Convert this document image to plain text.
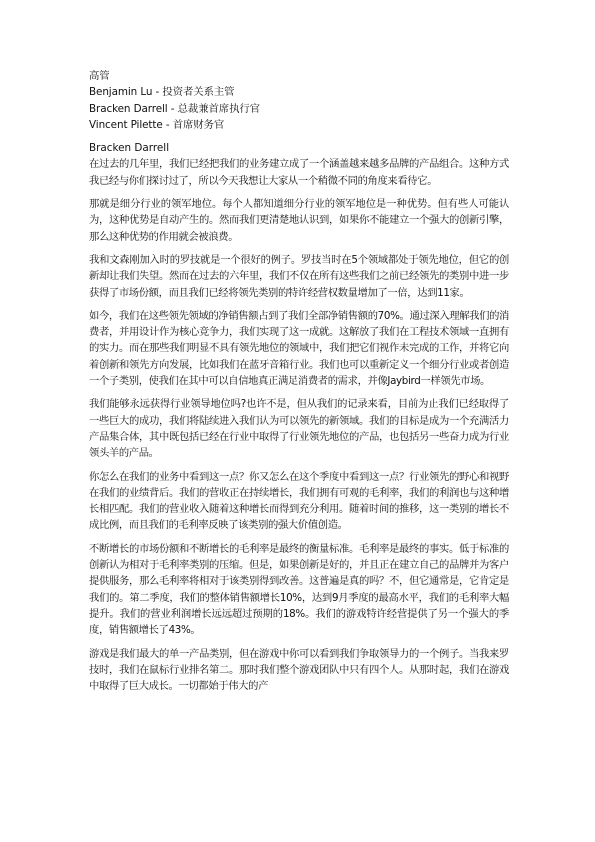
高管
Benjamin Lu - 投资者关系主管
Bracken Darrell - 总裁兼首席执行官
Vincent Pilette - 首席财务官
Bracken Darrell

在过去的几年里，我们已经把我们的业务建立成了一个涵盖越来越多品牌的产品组合。这种方式我已经与你们探讨过了，所以今天我想让大家从一个稍微不同的角度来看待它。

那就是细分行业的领军地位。每个人都知道细分行业的领军地位是一种优势。但有些人可能认为，这种优势是自动产生的。然而我们更清楚地认识到，如果你不能建立一个强大的创新引擎，那么这种优势的作用就会被浪费。

我和文森刚加入时的罗技就是一个很好的例子。罗技当时在5个领域都处于领先地位，但它的创新却让我们失望。然而在过去的六年里，我们不仅在所有这些我们之前已经领先的类别中进一步获得了市场份额，而且我们已经将领先类别的特许经营权数量增加了一倍，达到11家。

如今，我们在这些领先领域的净销售额占到了我们全部净销售额的70%。通过深入理解我们的消费者，并用设计作为核心竞争力，我们实现了这一成就。这解放了我们在工程技术领域一直拥有的实力。而在那些我们明显不具有领先地位的领域中，我们把它们视作未完成的工作，并将它向着创新和领先方向发展，比如我们在蓝牙音箱行业。我们也可以重新定义一个细分行业或者创造一个子类别，使我们在其中可以自信地真正满足消费者的需求，并像Jaybird一样领先市场。

我们能够永远获得行业领导地位吗?也许不是，但从我们的记录来看，目前为止我们已经取得了一些巨大的成功，我们将陆续进入我们认为可以领先的新领域。我们的目标是成为一个充满活力产品集合体，其中既包括已经在行业中取得了行业领先地位的产品，也包括另一些奋力成为行业领头羊的产品。

你怎么在我们的业务中看到这一点？你又怎么在这个季度中看到这一点？行业领先的野心和视野在我们的业绩背后。我们的营收正在持续增长，我们拥有可观的毛利率，我们的利润也与这种增长相匹配。我们的营业收入随着这种增长而得到充分利用。随着时间的推移，这一类别的增长不成比例，而且我们的毛利率反映了该类别的强大价值创造。

不断增长的市场份额和不断增长的毛利率是最终的衡量标准。毛利率是最终的事实。低于标准的创新认为相对于毛利率类别的压缩。但是，如果创新是好的，并且正在建立自己的品牌并为客户提供服务，那么毛利率将相对于该类别得到改善。这普遍是真的吗？不，但它通常是，它肯定是我们的。第二季度，我们的整体销售额增长10%，达到9月季度的最高水平，我们的毛利率大幅提升。我们的营业利润增长远远超过预期的18%。我们的游戏特许经营提供了另一个强大的季度，销售额增长了43%。

游戏是我们最大的单一产品类别，但在游戏中你可以看到我们争取领导力的一个例子。当我来罗技时，我们在鼠标行业排名第二。那时我们整个游戏团队中只有四个人。从那时起，我们在游戏中取得了巨大成长。一切都始于伟大的产
